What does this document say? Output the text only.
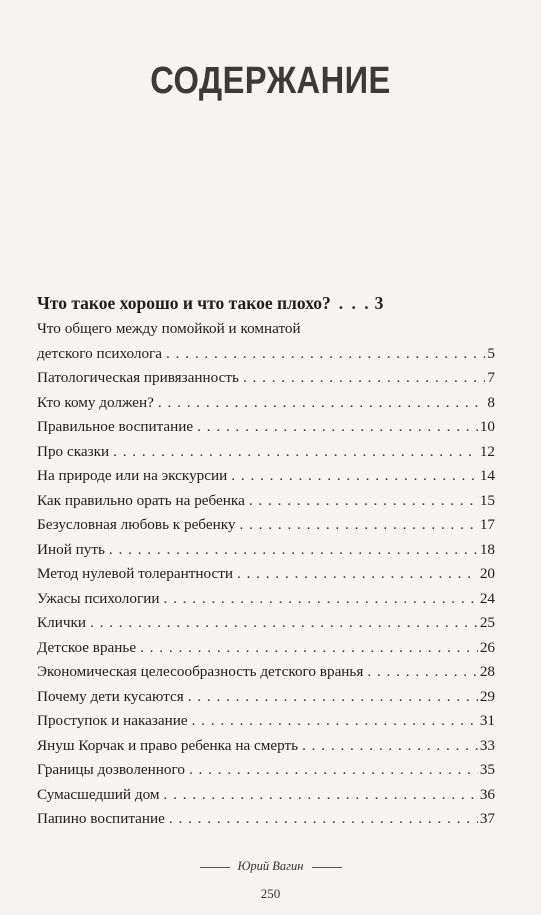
СОДЕРЖАНИЕ
Что такое хорошо и что такое плохо? . . .	3
Что общего между помойкой и комнатой
детского психолога . . .	5
Патологическая привязанность . . .	7
Кто кому должен? . . .	8
Правильное воспитание . . .	10
Про сказки . . .	12
На природе или на экскурсии . . .	14
Как правильно орать на ребенка . . .	15
Безусловная любовь к ребенку . . .	17
Иной путь . . .	18
Метод нулевой толерантности . . .	20
Ужасы психологии . . .	24
Клички . . .	25
Детское вранье . . .	26
Экономическая целесообразность детского вранья . . .	28
Почему дети кусаются . . .	29
Проступок и наказание . . .	31
Януш Корчак и право ребенка на смерть . . .	33
Границы дозволенного . . .	35
Сумасшедший дом . . .	36
Папино воспитание . . .	37
Юрий Вагин
250
